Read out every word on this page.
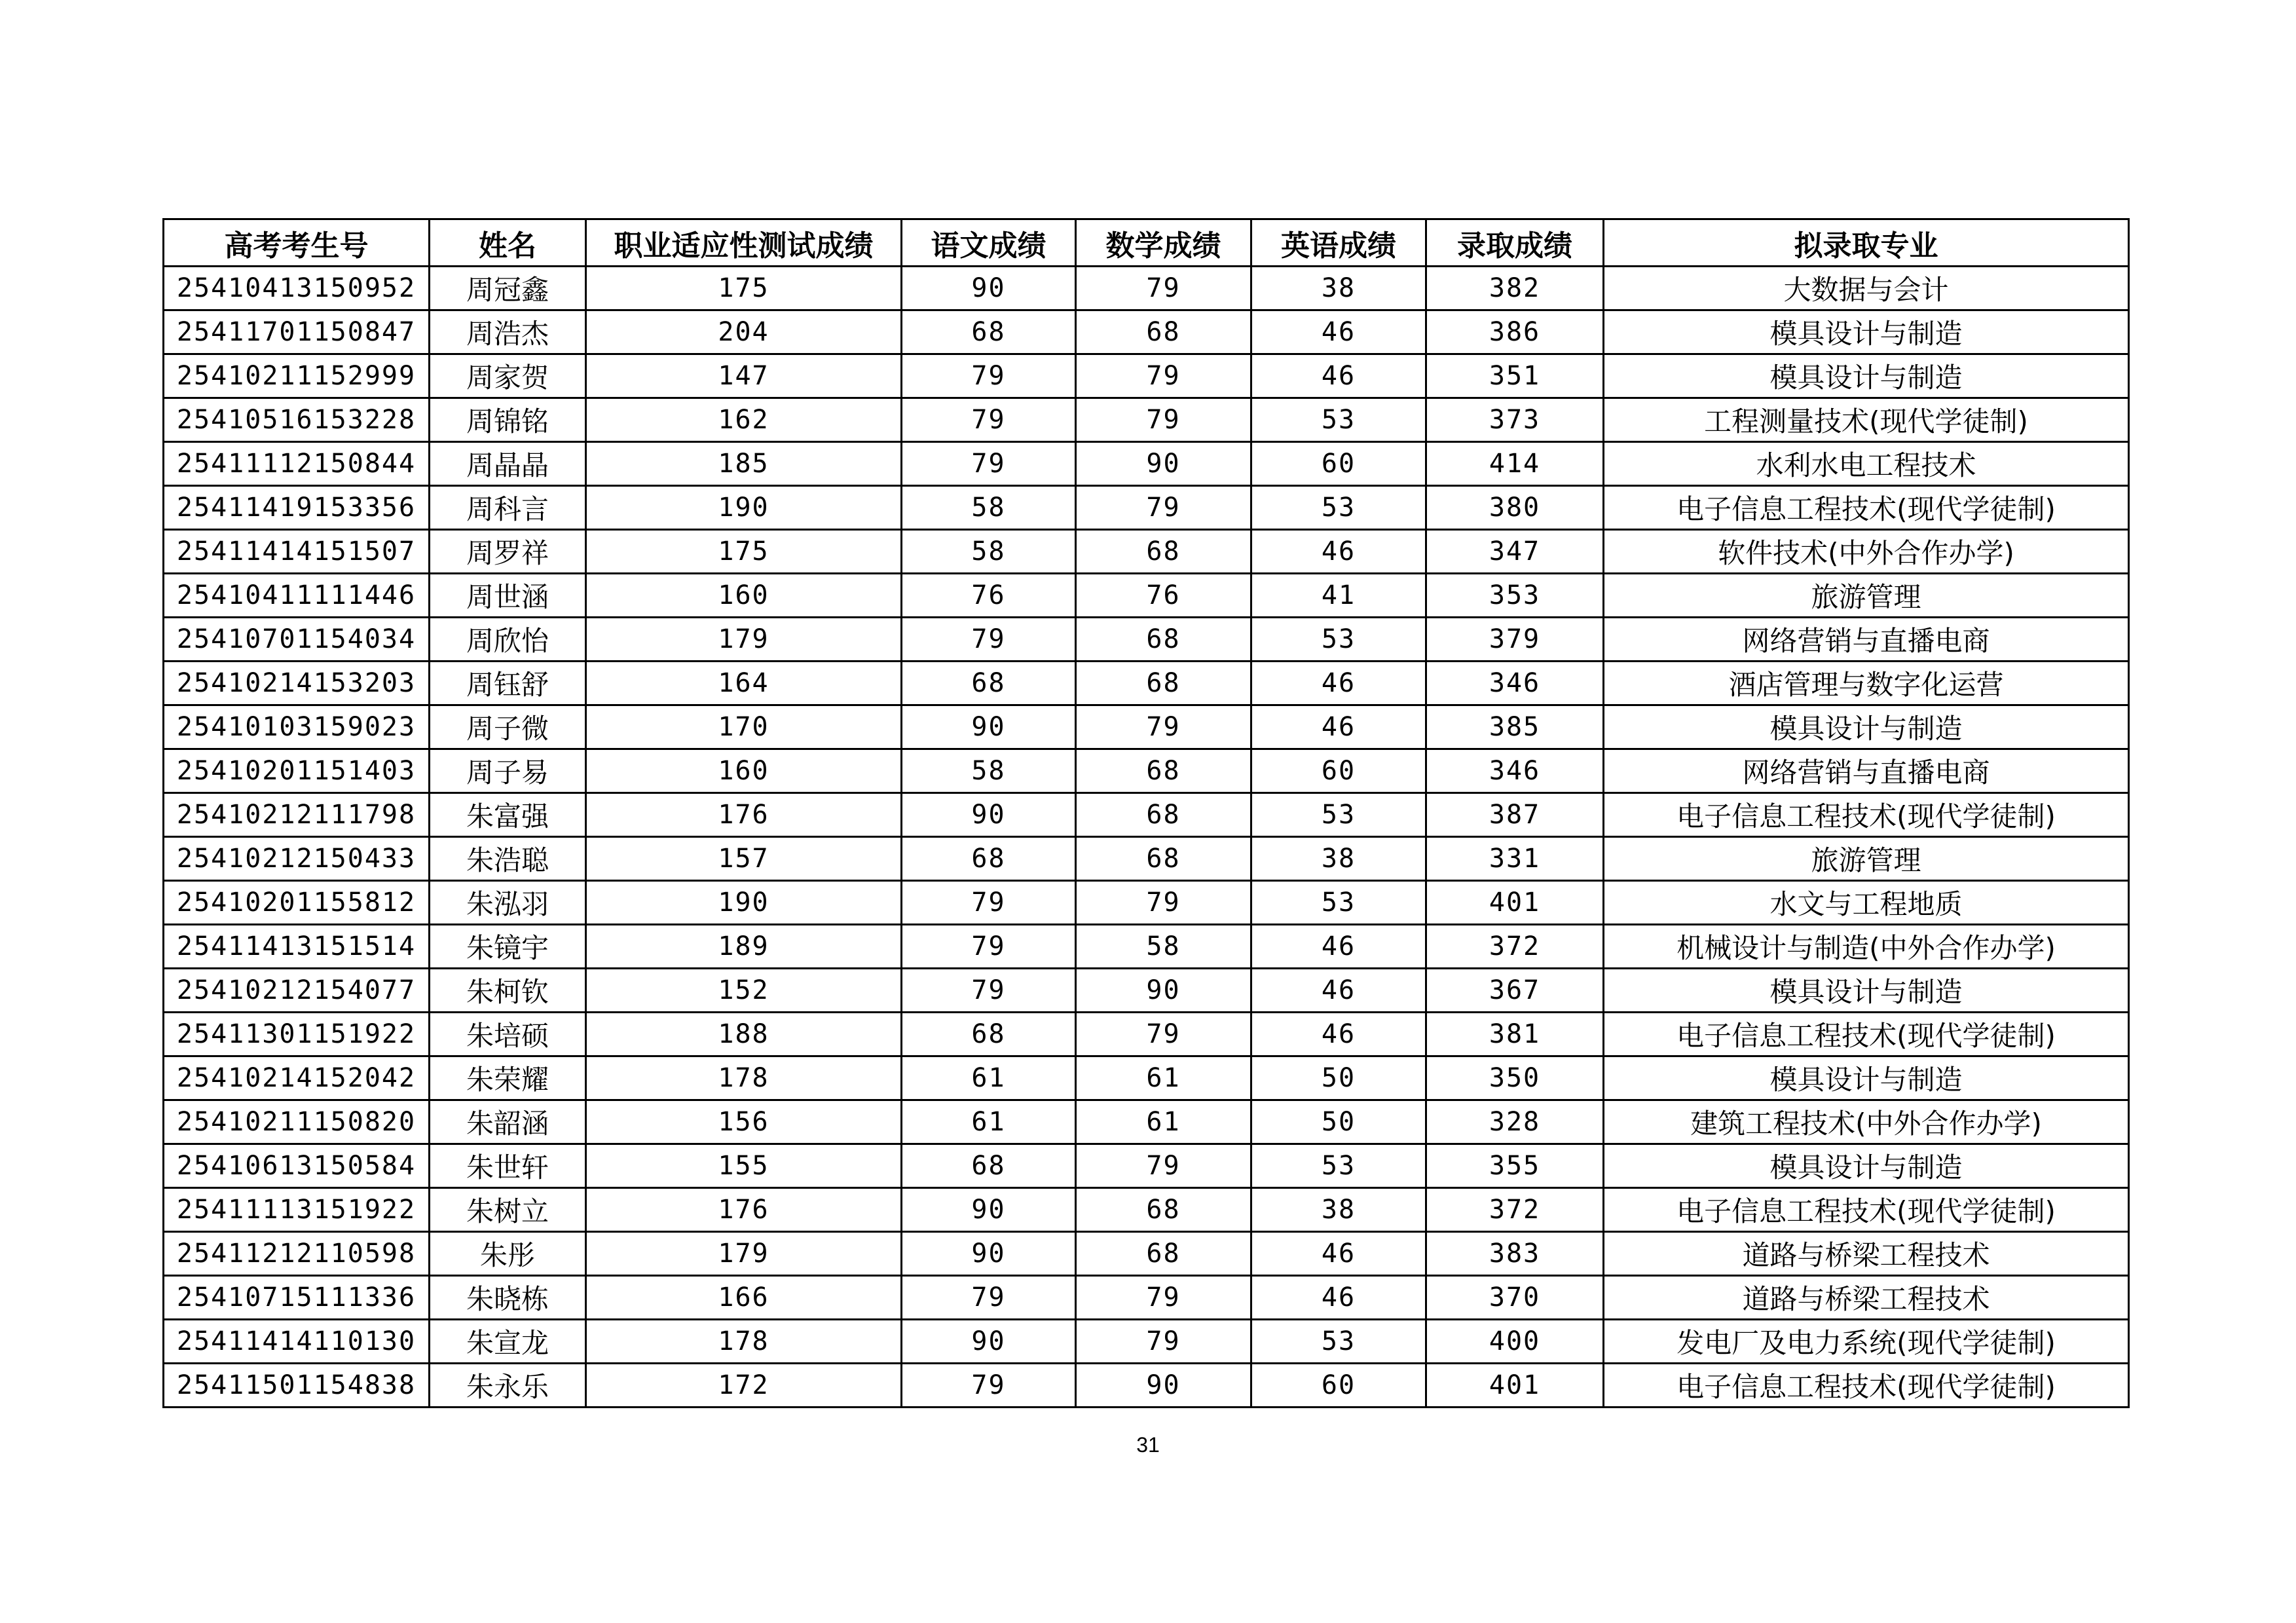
高考考生号	姓名	职业适应性测试成绩	语文成绩	数学成绩	英语成绩	录取成绩	拟录取专业
25410413150952	周冠鑫	175	90	79	38	382	大数据与会计
25411701150847	周浩杰	204	68	68	46	386	模具设计与制造
25410211152999	周家贺	147	79	79	46	351	模具设计与制造
25410516153228	周锦铭	162	79	79	53	373	工程测量技术(现代学徒制)
25411112150844	周晶晶	185	79	90	60	414	水利水电工程技术
25411419153356	周科言	190	58	79	53	380	电子信息工程技术(现代学徒制)
25411414151507	周罗祥	175	58	68	46	347	软件技术(中外合作办学)
25410411111446	周世涵	160	76	76	41	353	旅游管理
25410701154034	周欣怡	179	79	68	53	379	网络营销与直播电商
25410214153203	周钰舒	164	68	68	46	346	酒店管理与数字化运营
25410103159023	周子微	170	90	79	46	385	模具设计与制造
25410201151403	周子易	160	58	68	60	346	网络营销与直播电商
25410212111798	朱富强	176	90	68	53	387	电子信息工程技术(现代学徒制)
25410212150433	朱浩聪	157	68	68	38	331	旅游管理
25410201155812	朱泓羽	190	79	79	53	401	水文与工程地质
25411413151514	朱镜宇	189	79	58	46	372	机械设计与制造(中外合作办学)
25410212154077	朱柯钦	152	79	90	46	367	模具设计与制造
25411301151922	朱培硕	188	68	79	46	381	电子信息工程技术(现代学徒制)
25410214152042	朱荣耀	178	61	61	50	350	模具设计与制造
25410211150820	朱韶涵	156	61	61	50	328	建筑工程技术(中外合作办学)
25410613150584	朱世轩	155	68	79	53	355	模具设计与制造
25411113151922	朱树立	176	90	68	38	372	电子信息工程技术(现代学徒制)
25411212110598	朱彤	179	90	68	46	383	道路与桥梁工程技术
25410715111336	朱晓栋	166	79	79	46	370	道路与桥梁工程技术
25411414110130	朱宣龙	178	90	79	53	400	发电厂及电力系统(现代学徒制)
25411501154838	朱永乐	172	79	90	60	401	电子信息工程技术(现代学徒制)
31
